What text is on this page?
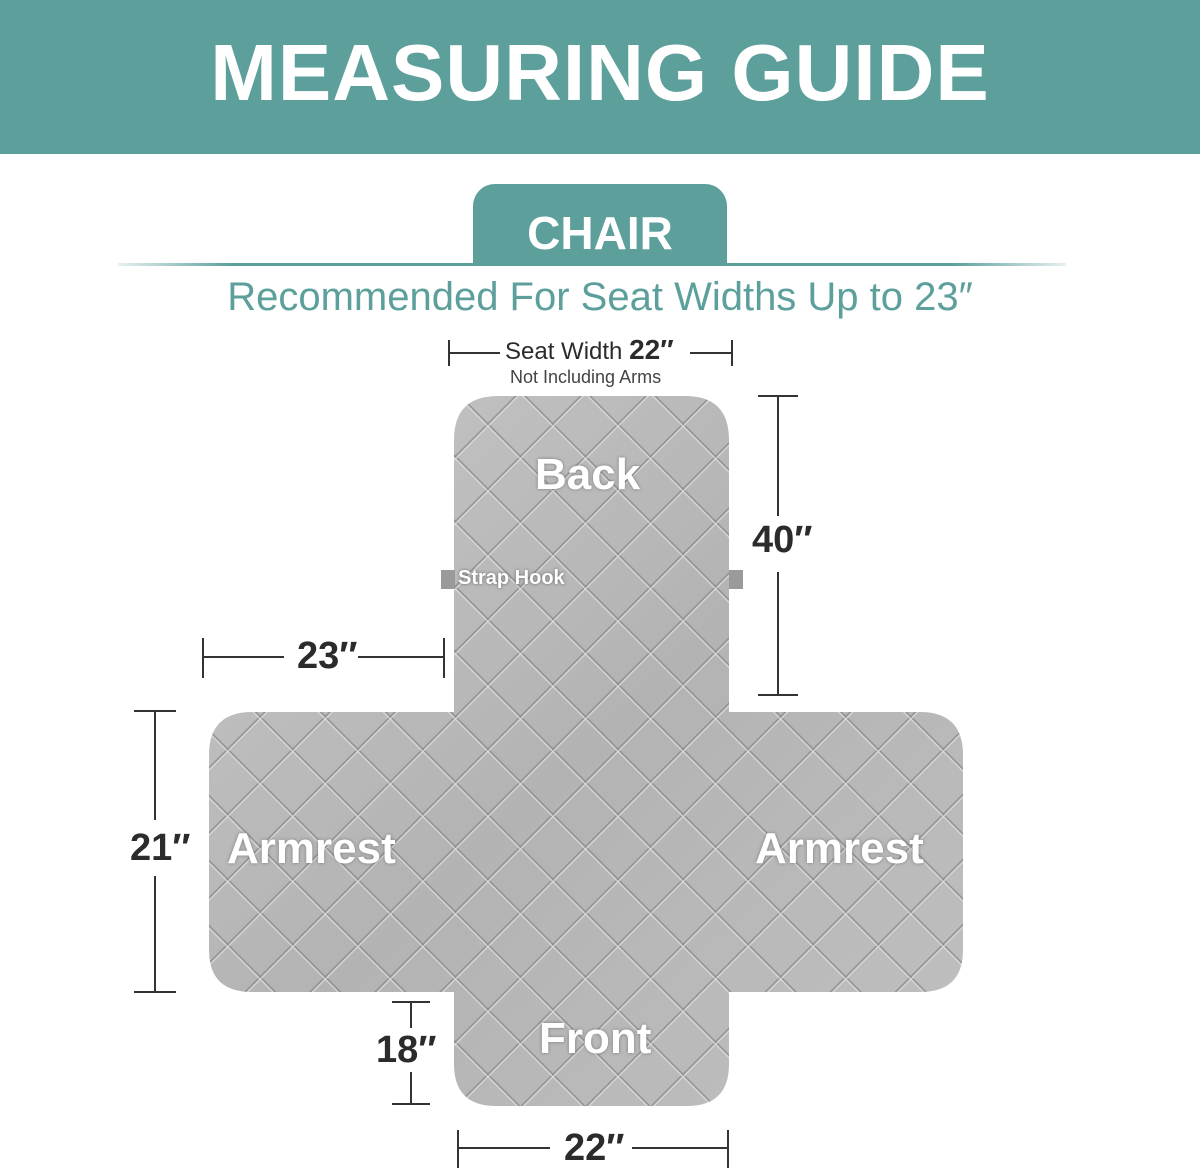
MEASURING GUIDE
CHAIR
Recommended For Seat Widths Up to 23″
Seat Width 22″
Not Including Arms
40″
23″
21″
18″
22″
Back
Armrest	Armrest
Front
Strap Hook
